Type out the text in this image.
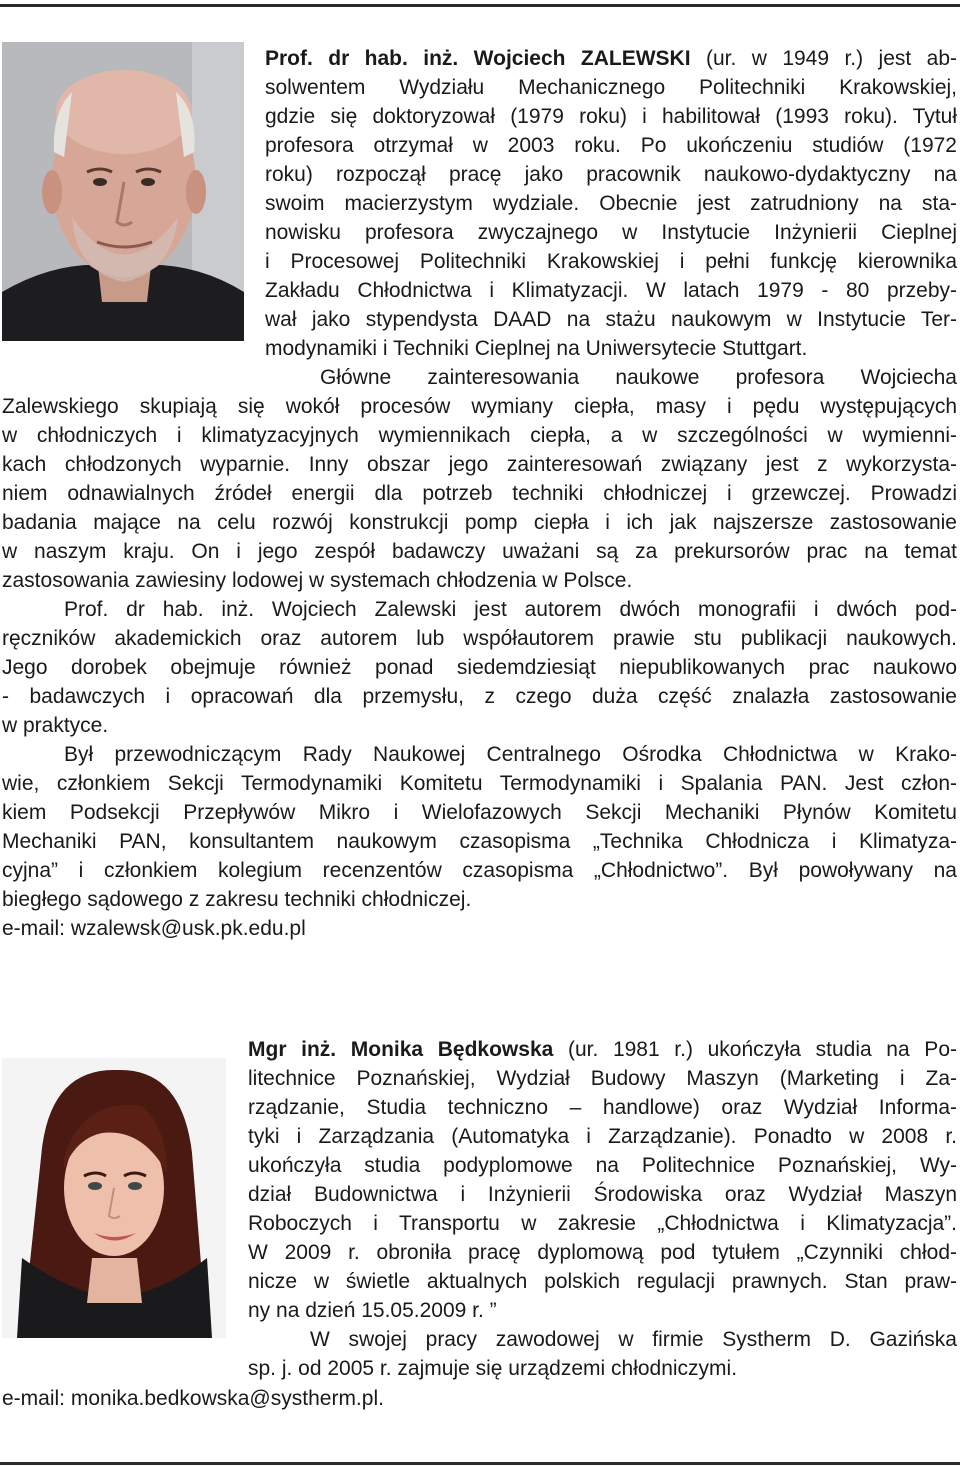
Prof. dr hab. inż. Wojciech ZALEWSKI (ur. w 1949 r.) jest ab-
solwentem Wydziału Mechanicznego Politechniki Krakowskiej,
gdzie się doktoryzował (1979 roku) i habilitował (1993 roku). Tytuł
profesora otrzymał w 2003 roku. Po ukończeniu studiów (1972
roku) rozpoczął pracę jako pracownik naukowo-dydaktyczny na
swoim macierzystym wydziale. Obecnie jest zatrudniony na sta-
nowisku profesora zwyczajnego w Instytucie Inżynierii Cieplnej
i Procesowej Politechniki Krakowskiej i pełni funkcję kierownika
Zakładu Chłodnictwa i Klimatyzacji. W latach 1979 - 80 przeby-
wał jako stypendysta DAAD na stażu naukowym w Instytucie Ter-
modynamiki i Techniki Cieplnej na Uniwersytecie Stuttgart.
Główne zainteresowania naukowe profesora Wojciecha
Zalewskiego skupiają się wokół procesów wymiany ciepła, masy i pędu występujących
w chłodniczych i klimatyzacyjnych wymiennikach ciepła, a w szczególności w wymienni-
kach chłodzonych wyparnie. Inny obszar jego zainteresowań związany jest z wykorzysta-
niem odnawialnych źródeł energii dla potrzeb techniki chłodniczej i grzewczej. Prowadzi
badania mające na celu rozwój konstrukcji pomp ciepła i ich jak najszersze zastosowanie
w naszym kraju. On i jego zespół badawczy uważani są za prekursorów prac na temat
zastosowania zawiesiny lodowej w systemach chłodzenia w Polsce.
Prof. dr hab. inż. Wojciech Zalewski jest autorem dwóch monografii i dwóch pod-
ręczników akademickich oraz autorem lub współautorem prawie stu publikacji naukowych.
Jego dorobek obejmuje również ponad siedemdziesiąt niepublikowanych prac naukowo
- badawczych i opracowań dla przemysłu, z czego duża część znalazła zastosowanie
w praktyce.
Był przewodniczącym Rady Naukowej Centralnego Ośrodka Chłodnictwa w Krako-
wie, członkiem Sekcji Termodynamiki Komitetu Termodynamiki i Spalania PAN. Jest człon-
kiem Podsekcji Przepływów Mikro i Wielofazowych Sekcji Mechaniki Płynów Komitetu
Mechaniki PAN, konsultantem naukowym czasopisma „Technika Chłodnicza i Klimatyza-
cyjna” i członkiem kolegium recenzentów czasopisma „Chłodnictwo”. Był powoływany na
biegłego sądowego z zakresu techniki chłodniczej.
e-mail: wzalewsk@usk.pk.edu.pl
Mgr inż. Monika Będkowska (ur. 1981 r.) ukończyła studia na Po-
litechnice Poznańskiej, Wydział Budowy Maszyn (Marketing i Za-
rządzanie, Studia techniczno – handlowe) oraz Wydział Informa-
tyki i Zarządzania (Automatyka i Zarządzanie). Ponadto w 2008 r.
ukończyła studia podyplomowe na Politechnice Poznańskiej, Wy-
dział Budownictwa i Inżynierii Środowiska oraz Wydział Maszyn
Roboczych i Transportu w zakresie „Chłodnictwa i Klimatyzacja”.
W 2009 r. obroniła pracę dyplomową pod tytułem „Czynniki chłod-
nicze w świetle aktualnych polskich regulacji prawnych. Stan praw-
ny na dzień 15.05.2009 r. ”
W swojej pracy zawodowej w firmie Systherm D. Gazińska
sp. j. od 2005 r. zajmuje się urządzemi chłodniczymi.
e-mail: monika.bedkowska@systherm.pl.
